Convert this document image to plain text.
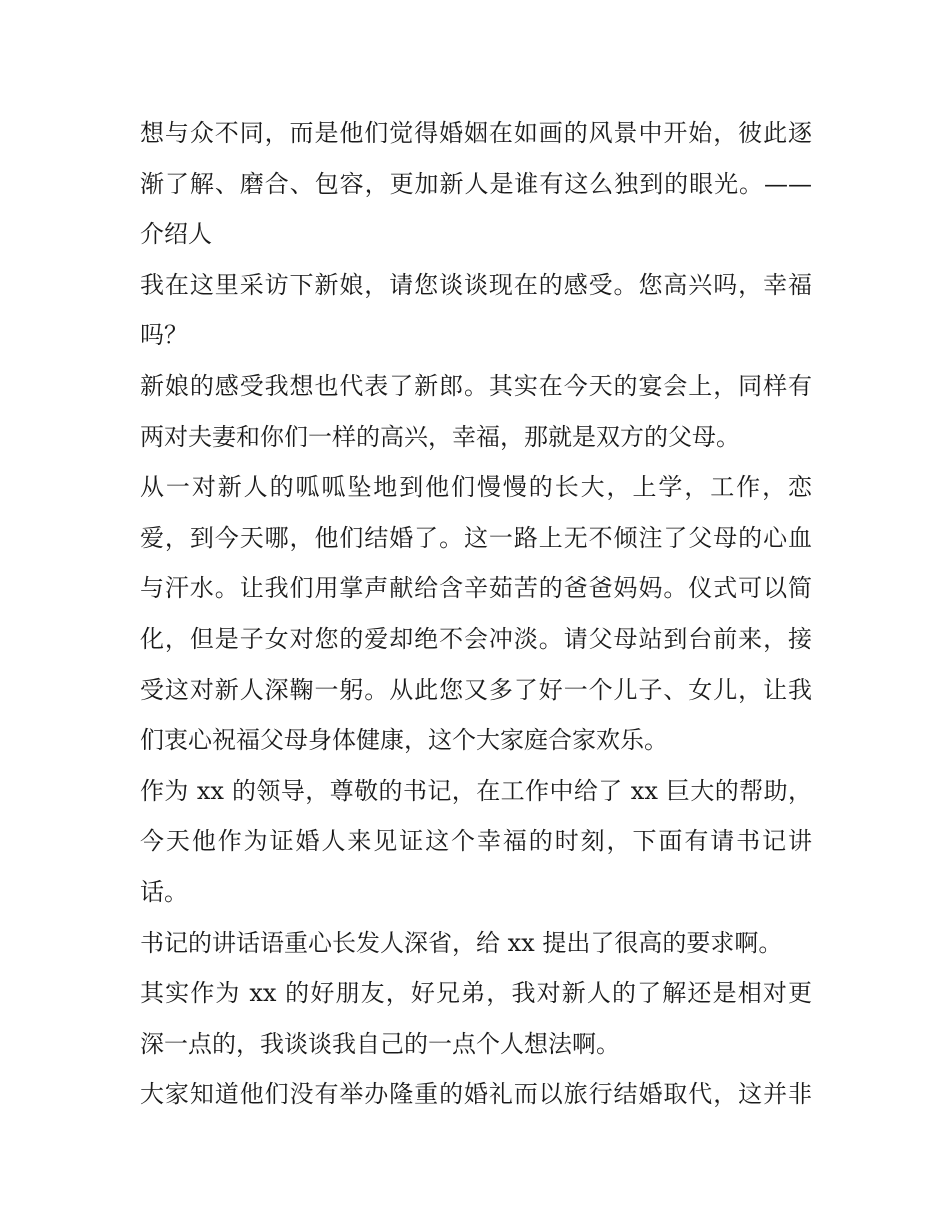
想与众不同，而是他们觉得婚姻在如画的风景中开始，彼此逐
渐了解、磨合、包容，更加新人是谁有这么独到的眼光。——
介绍人

我在这里采访下新娘，请您谈谈现在的感受。您高兴吗，幸福
吗？

新娘的感受我想也代表了新郎。其实在今天的宴会上，同样有
两对夫妻和你们一样的高兴，幸福，那就是双方的父母。

从一对新人的呱呱坠地到他们慢慢的长大，上学，工作，恋
爱，到今天哪，他们结婚了。这一路上无不倾注了父母的心血
与汗水。让我们用掌声献给含辛茹苦的爸爸妈妈。仪式可以简
化，但是子女对您的爱却绝不会冲淡。请父母站到台前来，接
受这对新人深鞠一躬。从此您又多了好一个儿子、女儿，让我
们衷心祝福父母身体健康，这个大家庭合家欢乐。

作为 xx 的领导，尊敬的书记，在工作中给了 xx 巨大的帮助，
今天他作为证婚人来见证这个幸福的时刻，下面有请书记讲
话。

书记的讲话语重心长发人深省，给 xx 提出了很高的要求啊。
其实作为 xx 的好朋友，好兄弟，我对新人的了解还是相对更
深一点的，我谈谈我自己的一点个人想法啊。

大家知道他们没有举办隆重的婚礼而以旅行结婚取代，这并非
